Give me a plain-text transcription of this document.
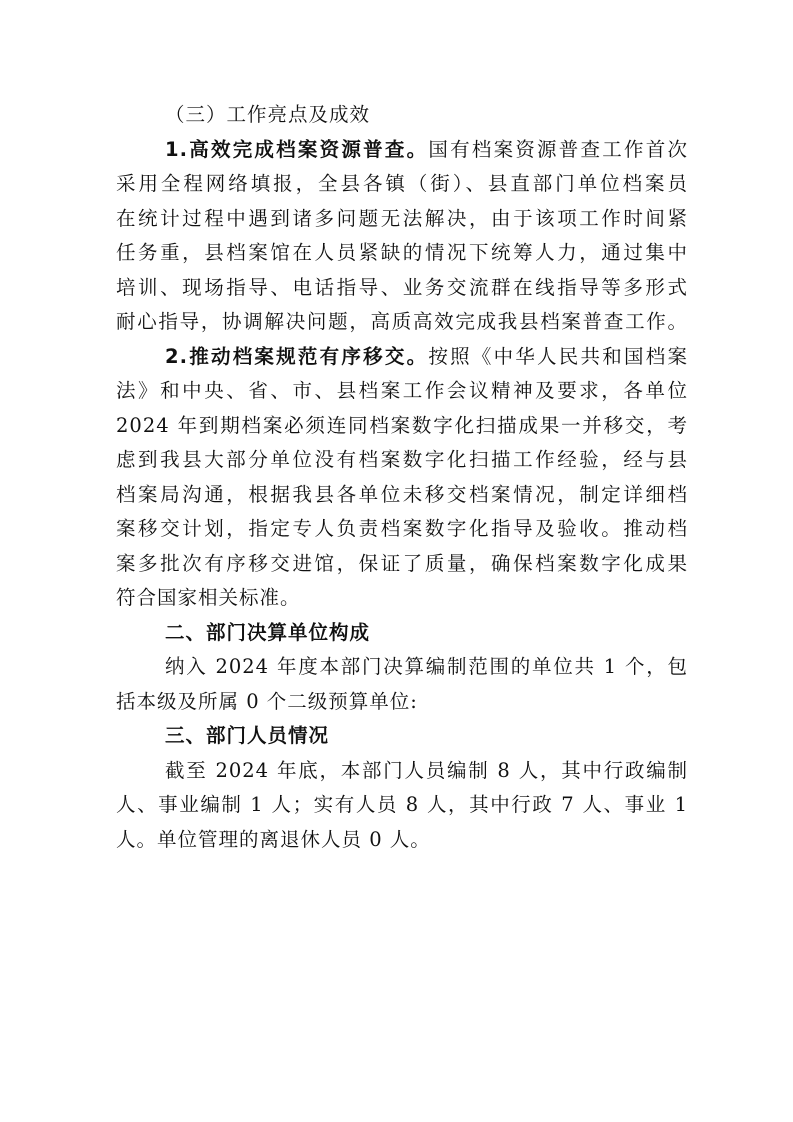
（三）工作亮点及成效
1.高效完成档案资源普查。国有档案资源普查工作首次
采用全程网络填报，全县各镇（街）、县直部门单位档案员
在统计过程中遇到诸多问题无法解决，由于该项工作时间紧
任务重，县档案馆在人员紧缺的情况下统筹人力，通过集中
培训、现场指导、电话指导、业务交流群在线指导等多形式
耐心指导，协调解决问题，高质高效完成我县档案普查工作。
2.推动档案规范有序移交。按照《中华人民共和国档案
法》和中央、省、市、县档案工作会议精神及要求，各单位
2024 年到期档案必须连同档案数字化扫描成果一并移交，考
虑到我县大部分单位没有档案数字化扫描工作经验，经与县
档案局沟通，根据我县各单位未移交档案情况，制定详细档
案移交计划，指定专人负责档案数字化指导及验收。推动档
案多批次有序移交进馆，保证了质量，确保档案数字化成果
符合国家相关标准。
二、部门决算单位构成
纳入 2024 年度本部门决算编制范围的单位共 1 个，包
括本级及所属 0 个二级预算单位:
三、部门人员情况
截至 2024 年底，本部门人员编制 8 人，其中行政编制
人、事业编制 1 人；实有人员 8 人，其中行政 7 人、事业 1
人。单位管理的离退休人员 0 人。
